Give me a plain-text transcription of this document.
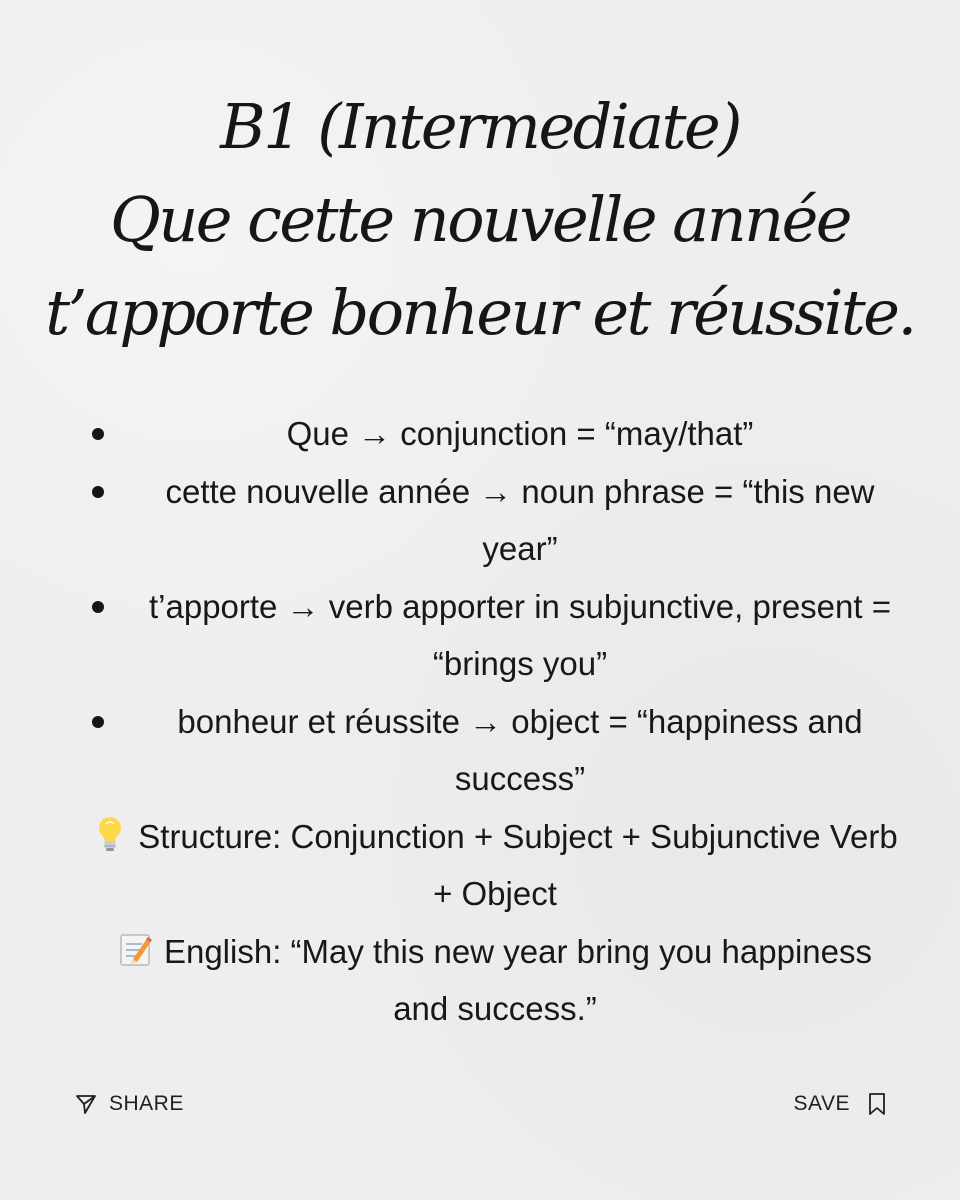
B1 (Intermediate)
Que cette nouvelle année
t’apporte bonheur et réussite.
Que → conjunction = “may/that”
cette nouvelle année → noun phrase = “this new year”
t’apporte → verb apporter in subjunctive, present = “brings you”
bonheur et réussite → object = “happiness and success”
Structure: Conjunction + Subject + Subjunctive Verb + Object
English: “May this new year bring you happiness and success.”
SHARE	SAVE
